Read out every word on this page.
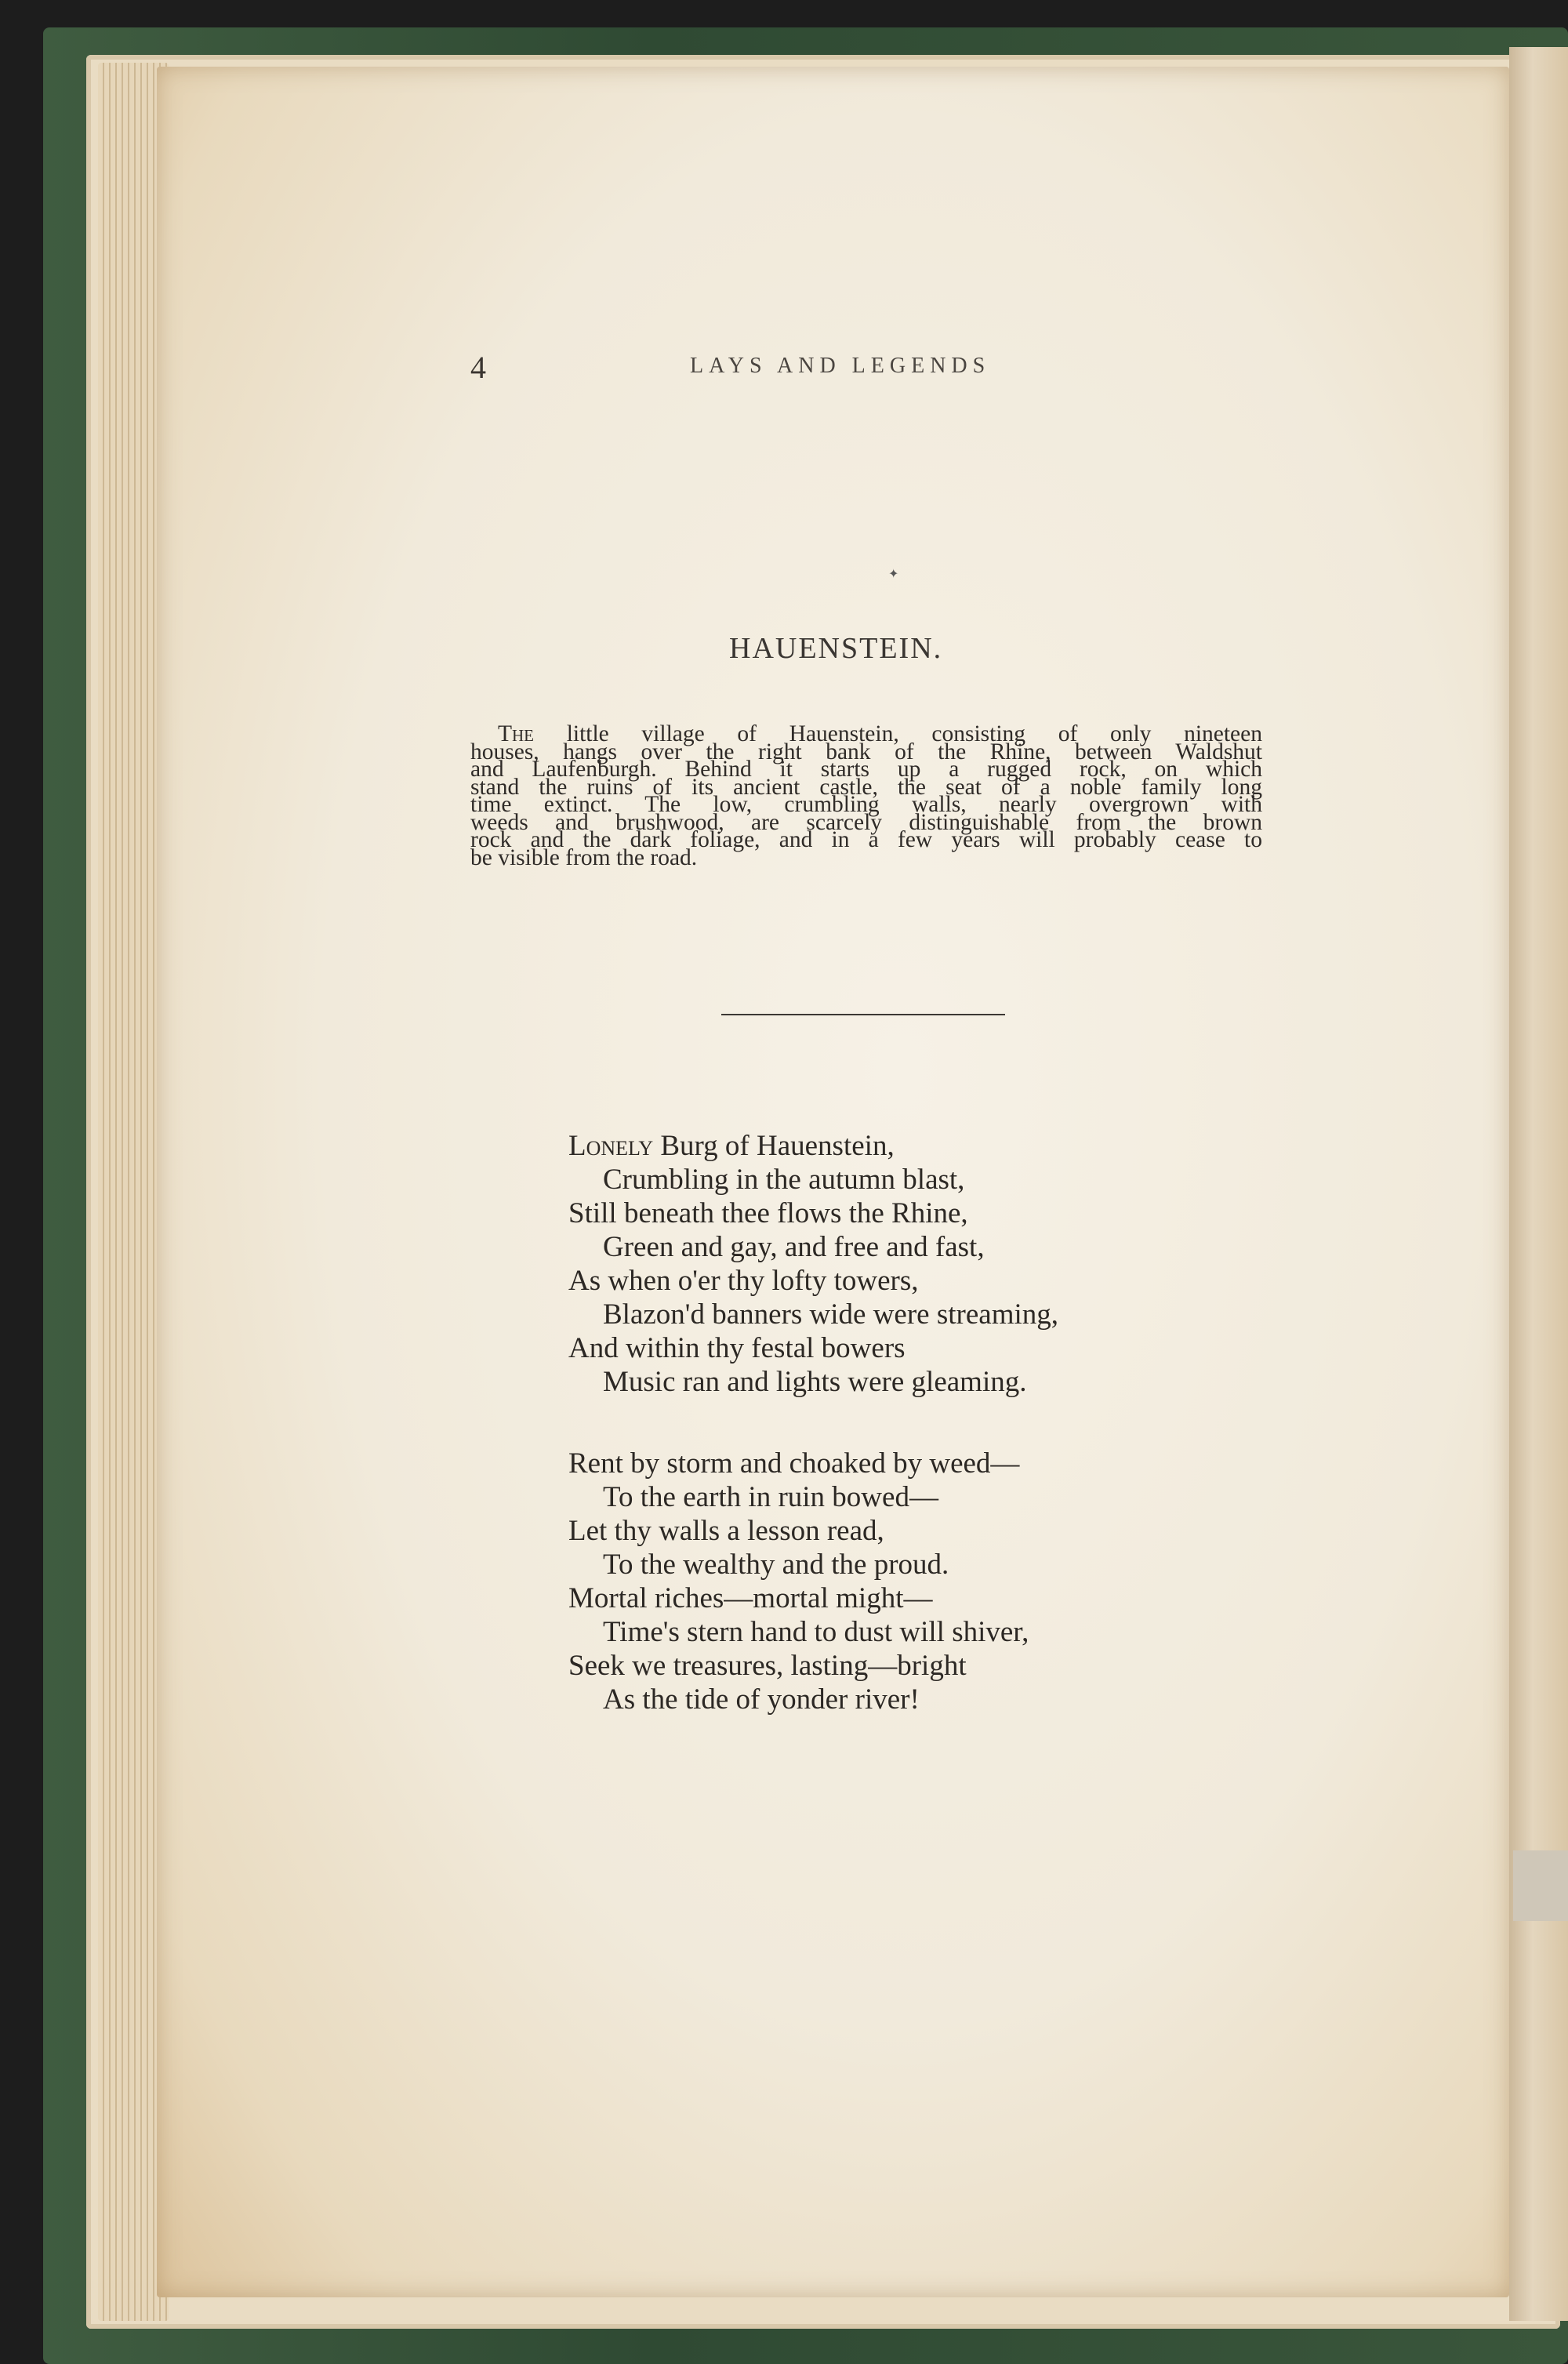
4	LAYS AND LEGENDS
✦
HAUENSTEIN.
The little village of Hauenstein, consisting of only nineteen
houses, hangs over the right bank of the Rhine, between Waldshut
and Laufenburgh. Behind it starts up a rugged rock, on which
stand the ruins of its ancient castle, the seat of a noble family long
time extinct. The low, crumbling walls, nearly overgrown with
weeds and brushwood, are scarcely distinguishable from the brown
rock and the dark foliage, and in a few years will probably cease to
be visible from the road.
Lonely Burg of Hauenstein,
Crumbling in the autumn blast,
Still beneath thee flows the Rhine,
Green and gay, and free and fast,
As when o'er thy lofty towers,
Blazon'd banners wide were streaming,
And within thy festal bowers
Music ran and lights were gleaming.
Rent by storm and choaked by weed—
To the earth in ruin bowed—
Let thy walls a lesson read,
To the wealthy and the proud.
Mortal riches—mortal might—
Time's stern hand to dust will shiver,
Seek we treasures, lasting—bright
As the tide of yonder river!
